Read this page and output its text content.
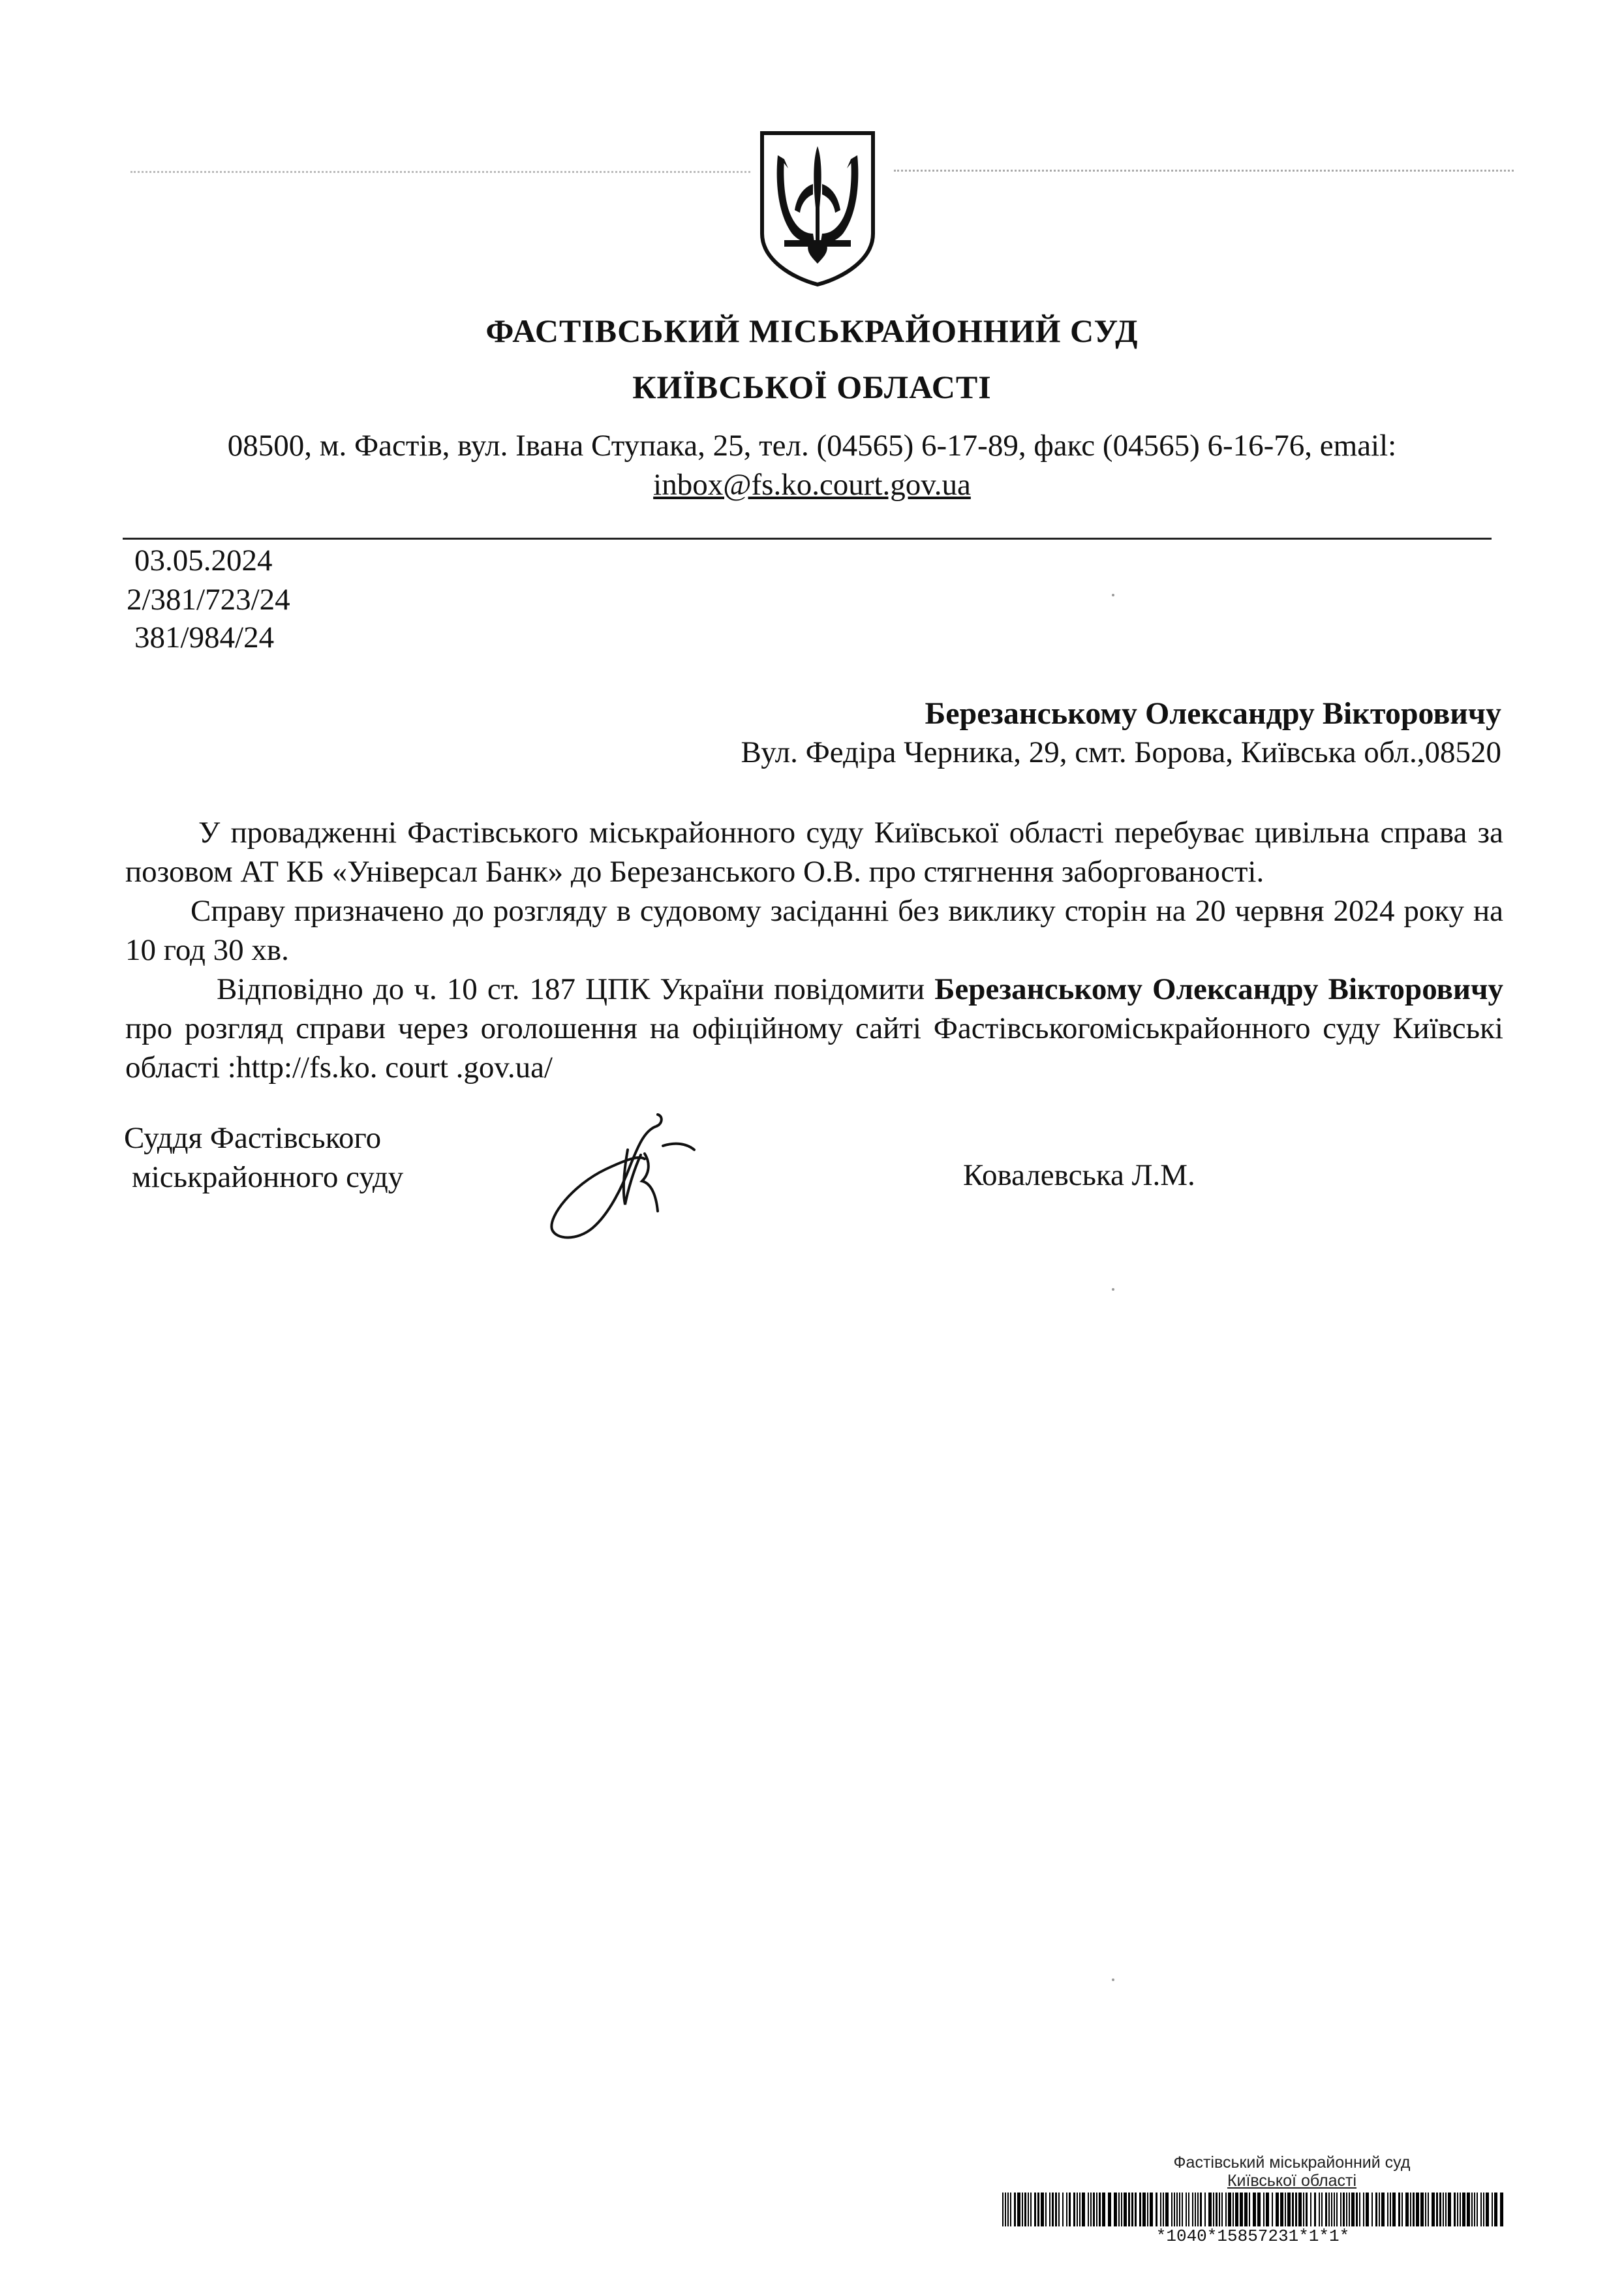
ФАСТІВСЬКИЙ МІСЬКРАЙОННИЙ СУД
КИЇВСЬКОЇ ОБЛАСТІ
08500, м. Фастів, вул. Івана Ступака, 25, тел. (04565) 6-17-89, факс (04565) 6-16-76, email:
inbox@fs.ko.court.gov.ua
03.05.2024
2/381/723/24
381/984/24
Березанському Олександру Вікторовичу
Вул. Федіра Черника, 29, смт. Борова, Київська обл.,08520
У провадженні Фастівського міськрайонного суду Київської області перебуває цивільна справа за позовом АТ КБ «Універсал Банк» до Березанського О.В. про стягнення заборгованості.
Справу призначено до розгляду в судовому засіданні без виклику сторін на 20 червня 2024 року на 10 год 30 хв.
Відповідно до ч. 10 ст. 187 ЦПК України повідомити Березанському Олександру Вікторовичу про розгляд справи через оголошення на офіційному сайті Фастівськогоміськрайонного суду Київські області :http://fs.ko. court .gov.ua/
Суддя Фастівського
міськрайонного суду	Ковалевська Л.М.
Фастівський міськрайонний суд
Київської області
*1040*15857231*1*1*
